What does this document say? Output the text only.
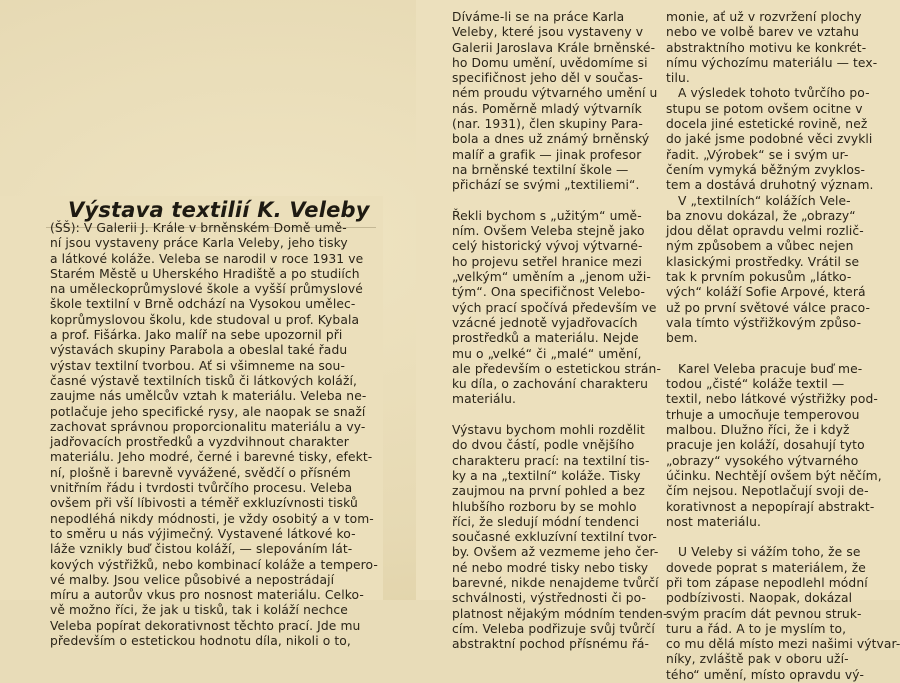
Výstava textilií K. Veleby

(ŠŠ): V Galerii J. Krále v brněnském Domě umě-

ní jsou vystaveny práce Karla Veleby, jeho tisky

a látkové koláže. Veleba se narodil v roce 1931 ve

Starém Městě u Uherského Hradiště a po studiích

na uměleckoprůmyslové škole a vyšší průmyslové

škole textilní v Brně odchází na Vysokou umělec-

koprůmyslovou školu, kde studoval u prof. Kybala

a prof. Fišárka. Jako malíř na sebe upozornil při

výstavách skupiny Parabola a obeslal také řadu

výstav textilní tvorbou. Ať si všimneme na sou-

časné výstavě textilních tisků či látkových koláží,

zaujme nás umělcův vztah k materiálu. Veleba ne-

potlačuje jeho specifické rysy, ale naopak se snaží

zachovat správnou proporcionalitu materiálu a vy-

jadřovacích prostředků a vyzdvihnout charakter

materiálu. Jeho modré, černé i barevné tisky, efekt-

ní, plošně i barevně vyvážené, svědčí o přísném

vnitřním řádu i tvrdosti tvůrčího procesu. Veleba

ovšem při vší líbivosti a téměř exkluzívnosti tisků

nepodléhá nikdy módnosti, je vždy osobitý a v tom-

to směru u nás výjimečný. Vystavené látkové ko-

láže vznikly buď čistou koláží, — slepováním lát-

kových výstřižků, nebo kombinací koláže a tempero-

vé malby. Jsou velice působivé a nepostrádají

míru a autorův vkus pro nosnost materiálu. Celko-

vě možno říci, že jak u tisků, tak i koláží nechce

Veleba popírat dekorativnost těchto prací. Jde mu

především o estetickou hodnotu díla, nikoli o to,

Díváme-li se na práce Karla

Veleby, které jsou vystaveny v

Galerii Jaroslava Krále brněnské-

ho Domu umění, uvědomíme si

specifičnost jeho děl v součas-

ném proudu výtvarného umění u

nás. Poměrně mladý výtvarník

(nar. 1931), člen skupiny Para-

bola a dnes už známý brněnský

malíř a grafik — jinak profesor

na brněnské textilní škole —

přichází se svými „textiliemi“.

Řekli bychom s „užitým“ umě-

ním. Ovšem Veleba stejně jako

celý historický vývoj výtvarné-

ho projevu setřel hranice mezi

„velkým“ uměním a „jenom uži-

tým“. Ona specifičnost Velebo-

vých prací spočívá především ve

vzácné jednotě vyjadřovacích

prostředků a materiálu. Nejde

mu o „velké“ či „malé“ umění,

ale především o estetickou strán-

ku díla, o zachování charakteru

materiálu.

Výstavu bychom mohli rozdělit

do dvou částí, podle vnějšího

charakteru prací: na textilní tis-

ky a na „textilní“ koláže. Tisky

zaujmou na první pohled a bez

hlubšího rozboru by se mohlo

říci, že sledují módní tendenci

současné exkluzívní textilní tvor-

by. Ovšem až vezmeme jeho čer-

né nebo modré tisky nebo tisky

barevné, nikde nenajdeme tvůrčí

schválnosti, výstřednosti či po-

platnost nějakým módním tenden-

cím. Veleba podřizuje svůj tvůrčí

abstraktní pochod přísnému řá-

monie, ať už v rozvržení plochy

nebo ve volbě barev ve vztahu

abstraktního motivu ke konkrét-

nímu výchozímu materiálu — tex-

tilu.

A výsledek tohoto tvůrčího po-

stupu se potom ovšem ocitne v

docela jiné estetické rovině, než

do jaké jsme podobné věci zvykli

řadit. „Výrobek“ se i svým ur-

čením vymyká běžným zvyklos-

tem a dostává druhotný význam.

V „textilních“ kolážích Vele-

ba znovu dokázal, že „obrazy“

jdou dělat opravdu velmi rozlič-

ným způsobem a vůbec nejen

klasickými prostředky. Vrátil se

tak k prvním pokusům „látko-

vých“ koláží Sofie Arpové, která

už po první světové válce praco-

vala tímto výstřižkovým způso-

bem.

Karel Veleba pracuje buď me-

todou „čisté“ koláže textil —

textil, nebo látkové výstřižky pod-

trhuje a umocňuje temperovou

malbou. Dlužno říci, že i když

pracuje jen koláží, dosahují tyto

„obrazy“ vysokého výtvarného

účinku. Nechtějí ovšem být něčím,

čím nejsou. Nepotlačují svoji de-

korativnost a nepopírají abstrakt-

nost materiálu.

U Veleby si vážím toho, že se

dovede poprat s materiálem, že

při tom zápase nepodlehl módní

podbízivosti. Naopak, dokázal

svým pracím dát pevnou struk-

turu a řád. A to je myslím to,

co mu dělá místo mezi našimi výtvar-

níky, zvláště pak v oboru uží-

tého“ umění, místo opravdu vý-
